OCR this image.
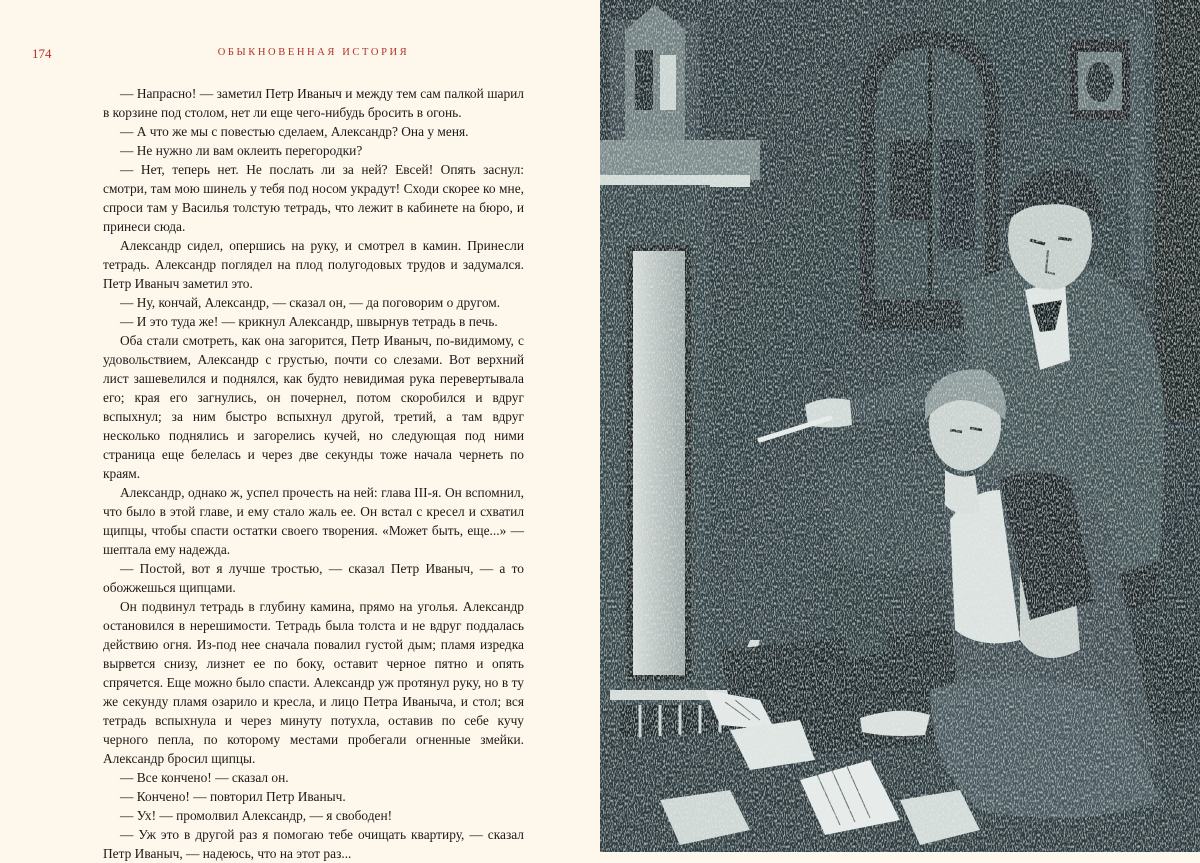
174	ОБЫКНОВЕННАЯ ИСТОРИЯ

— Напрасно! — заметил Петр Иваныч и между тем сам палкой шарил в корзине под столом, нет ли еще чего-нибудь бросить в огонь.

— А что же мы с повестью сделаем, Александр? Она у меня.

— Не нужно ли вам оклеить перегородки?

— Нет, теперь нет. Не послать ли за ней? Евсей! Опять заснул: смотри, там мою шинель у тебя под носом украдут! Сходи скорее ко мне, спроси там у Василья толстую тетрадь, что лежит в кабинете на бюро, и принеси сюда.

Александр сидел, опершись на руку, и смотрел в камин. Принесли тетрадь. Александр поглядел на плод полугодовых трудов и задумался. Петр Иваныч заметил это.

— Ну, кончай, Александр, — сказал он, — да поговорим о другом.

— И это туда же! — крикнул Александр, швырнув тетрадь в печь.

Оба стали смотреть, как она загорится, Петр Иваныч, по-видимому, с удовольствием, Александр с грустью, почти со слезами. Вот верхний лист зашевелился и поднялся, как будто невидимая рука перевертывала его; края его загнулись, он почернел, потом скоробился и вдруг вспыхнул; за ним быстро вспыхнул другой, третий, а там вдруг несколько поднялись и загорелись кучей, но следующая под ними страница еще белелась и через две секунды тоже начала чернеть по краям.

Александр, однако ж, успел прочесть на ней: глава III-я. Он вспомнил, что было в этой главе, и ему стало жаль ее. Он встал с кресел и схватил щипцы, чтобы спасти остатки своего творения. «Может быть, еще...» — шептала ему надежда.

— Постой, вот я лучше тростью, — сказал Петр Иваныч, — а то обожжешься щипцами.

Он подвинул тетрадь в глубину камина, прямо на уголья. Александр остановился в нерешимости. Тетрадь была толста и не вдруг поддалась действию огня. Из-под нее сначала повалил густой дым; пламя изредка вырвется снизу, лизнет ее по боку, оставит черное пятно и опять спрячется. Еще можно было спасти. Александр уж протянул руку, но в ту же секунду пламя озарило и кресла, и лицо Петра Иваныча, и стол; вся тетрадь вспыхнула и через минуту потухла, оставив по себе кучу черного пепла, по которому местами пробегали огненные змейки. Александр бросил щипцы.

— Все кончено! — сказал он.

— Кончено! — повторил Петр Иваныч.

— Ух! — промолвил Александр, — я свободен!

— Уж это в другой раз я помогаю тебе очищать квартиру, — сказал Петр Иваныч, — надеюсь, что на этот раз...
